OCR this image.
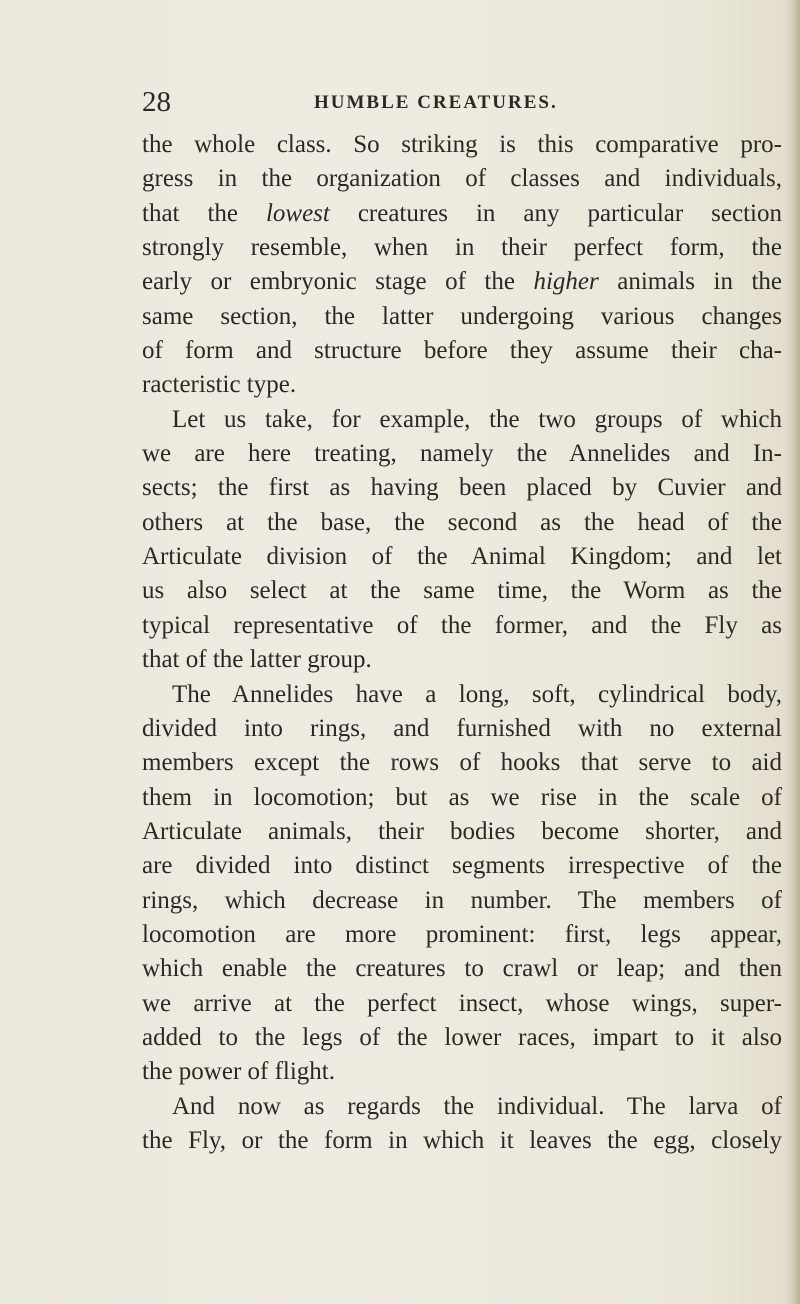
28	HUMBLE CREATURES.
the whole class. So striking is this comparative pro-
gress in the organization of classes and individuals,
that the lowest creatures in any particular section
strongly resemble, when in their perfect form, the
early or embryonic stage of the higher animals in the
same section, the latter undergoing various changes
of form and structure before they assume their cha-
racteristic type.
Let us take, for example, the two groups of which
we are here treating, namely the Annelides and In-
sects; the first as having been placed by Cuvier and
others at the base, the second as the head of the
Articulate division of the Animal Kingdom; and let
us also select at the same time, the Worm as the
typical representative of the former, and the Fly as
that of the latter group.
The Annelides have a long, soft, cylindrical body,
divided into rings, and furnished with no external
members except the rows of hooks that serve to aid
them in locomotion; but as we rise in the scale of
Articulate animals, their bodies become shorter, and
are divided into distinct segments irrespective of the
rings, which decrease in number. The members of
locomotion are more prominent: first, legs appear,
which enable the creatures to crawl or leap; and then
we arrive at the perfect insect, whose wings, super-
added to the legs of the lower races, impart to it also
the power of flight.
And now as regards the individual. The larva of
the Fly, or the form in which it leaves the egg, closely
